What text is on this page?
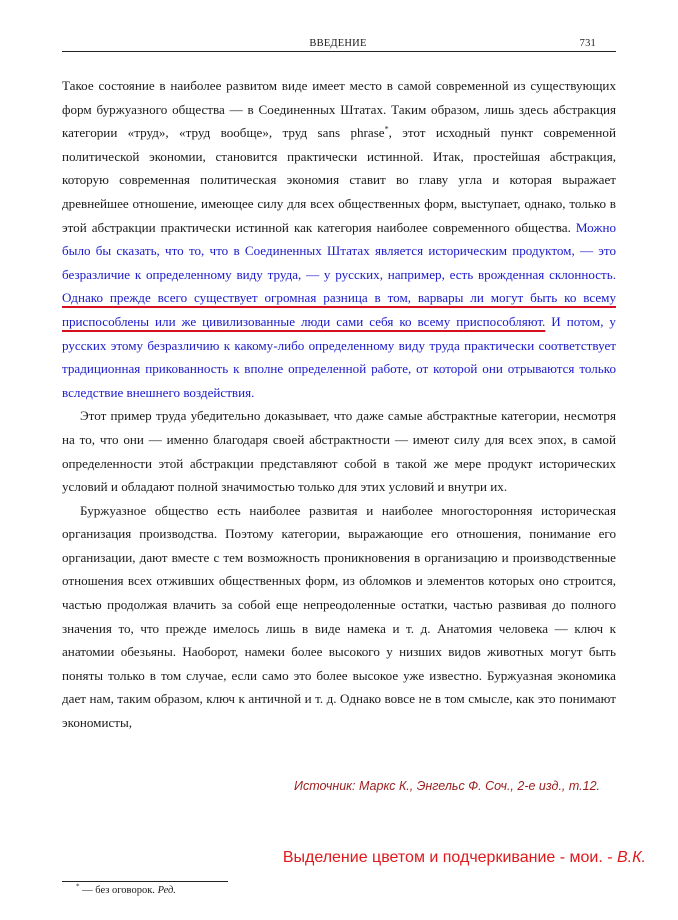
ВВЕДЕНИЕ	731

Такое состояние в наиболее развитом виде имеет место в самой современной из существующих форм буржуазного общества — в Соединенных Штатах. Таким образом, лишь здесь абстракция категории «труд», «труд вообще», труд sans phrase*, этот исходный пункт современной политической экономии, становится практически истинной. Итак, простейшая абстракция, которую современная политическая экономия ставит во главу угла и которая выражает древнейшее отношение, имеющее силу для всех общественных форм, выступает, однако, только в этой абстракции практически истинной как категория наиболее современного общества. Можно было бы сказать, что то, что в Соединенных Штатах является историческим продуктом, — это безразличие к определенному виду труда, — у русских, например, есть врожденная склонность. Однако прежде всего существует огромная разница в том, варвары ли могут быть ко всему приспособлены или же цивилизованные люди сами себя ко всему приспособляют. И потом, у русских этому безразличию к какому-либо определенному виду труда практически соответствует традиционная прикованность к вполне определенной работе, от которой они отрываются только вследствие внешнего воздействия.

Этот пример труда убедительно доказывает, что даже самые абстрактные категории, несмотря на то, что они — именно благодаря своей абстрактности — имеют силу для всех эпох, в самой определенности этой абстракции представляют собой в такой же мере продукт исторических условий и обладают полной значимостью только для этих условий и внутри их.

Буржуазное общество есть наиболее развитая и наиболее многосторонняя историческая организация производства. Поэтому категории, выражающие его отношения, понимание его организации, дают вместе с тем возможность проникновения в организацию и производственные отношения всех отживших общественных форм, из обломков и элементов которых оно строится, частью продолжая влачить за собой еще непреодоленные остатки, частью развивая до полного значения то, что прежде имелось лишь в виде намека и т. д. Анатомия человека — ключ к анатомии обезьяны. Наоборот, намеки более высокого у низших видов животных могут быть поняты только в том случае, если само это более высокое уже известно. Буржуазная экономика дает нам, таким образом, ключ к античной и т. д. Однако вовсе не в том смысле, как это понимают экономисты,

Источник: Маркс К., Энгельс Ф. Соч., 2-е изд., т.12.
Выделение цветом и подчеркивание - мои. - В.К.
* — без оговорок. Ред.
